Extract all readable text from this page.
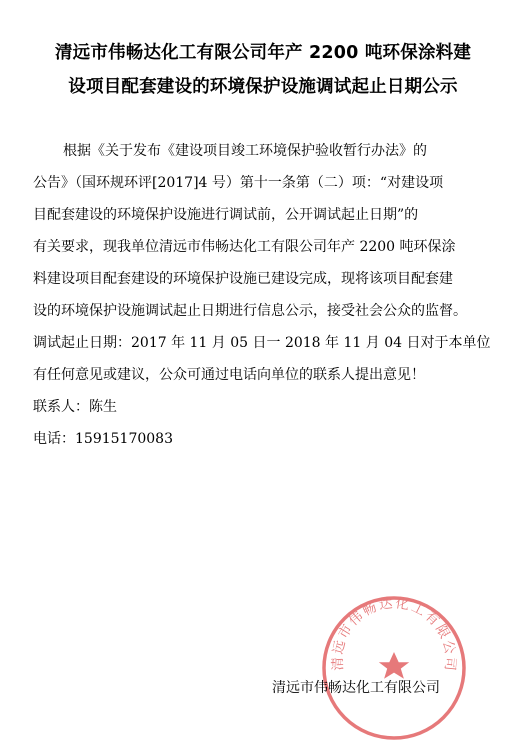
清远市伟畅达化工有限公司年产 2200 吨环保涂料建
设项目配套建设的环境保护设施调试起止日期公示
根据《关于发布《建设项目竣工环境保护验收暂行办法》的
公告》（国环规环评[2017]4 号）第十一条第（二）项：“对建设项
目配套建设的环境保护设施进行调试前，公开调试起止日期”的
有关要求，现我单位清远市伟畅达化工有限公司年产 2200 吨环保涂
料建设项目配套建设的环境保护设施已建设完成，现将该项目配套建
设的环境保护设施调试起止日期进行信息公示，接受社会公众的监督。
调试起止日期：2017 年 11 月 05 日一 2018 年 11 月 04 日对于本单位
有任何意见或建议，公众可通过电话向单位的联系人提出意见！
联系人：陈生
电话：15915170083
清远市伟畅达化工有限公司
清远市伟畅达化工有限公司
